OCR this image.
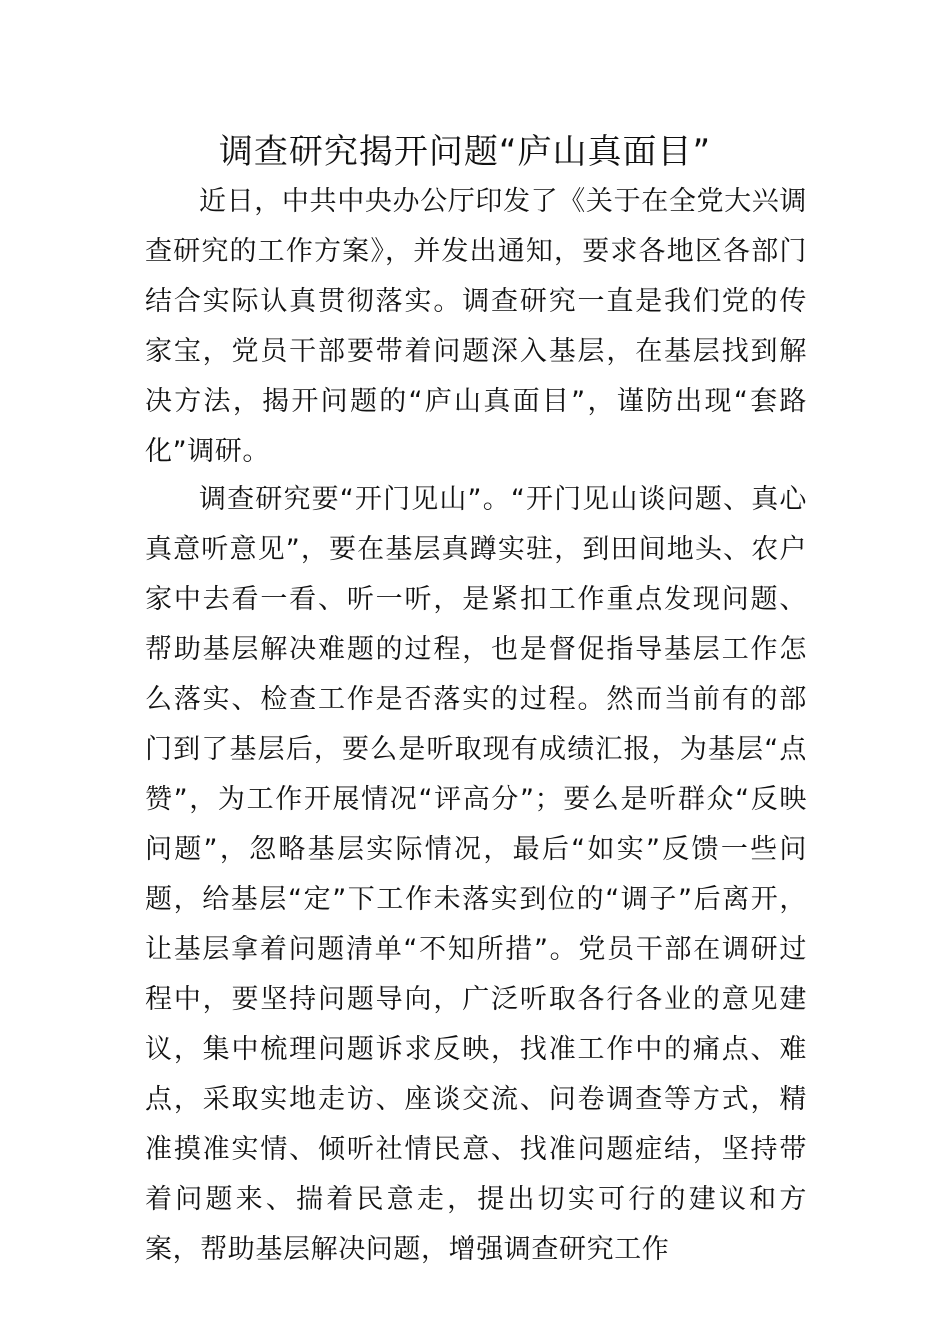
调查研究揭开问题“庐山真面目”

近日，中共中央办公厅印发了《关于在全党大兴调查研究的工作方案》，并发出通知，要求各地区各部门结合实际认真贯彻落实。调查研究一直是我们党的传家宝，党员干部要带着问题深入基层，在基层找到解决方法，揭开问题的“庐山真面目”，谨防出现“套路化”调研。

调查研究要“开门见山”。“开门见山谈问题、真心真意听意见”，要在基层真蹲实驻，到田间地头、农户家中去看一看、听一听，是紧扣工作重点发现问题、帮助基层解决难题的过程，也是督促指导基层工作怎么落实、检查工作是否落实的过程。然而当前有的部门到了基层后，要么是听取现有成绩汇报，为基层“点赞”，为工作开展情况“评高分”；要么是听群众“反映问题”，忽略基层实际情况，最后“如实”反馈一些问题，给基层“定”下工作未落实到位的“调子”后离开，让基层拿着问题清单“不知所措”。党员干部在调研过程中，要坚持问题导向，广泛听取各行各业的意见建议，集中梳理问题诉求反映，找准工作中的痛点、难点，采取实地走访、座谈交流、问卷调查等方式，精准摸准实情、倾听社情民意、找准问题症结，坚持带着问题来、揣着民意走，提出切实可行的建议和方案，帮助基层解决问题，增强调查研究工作
